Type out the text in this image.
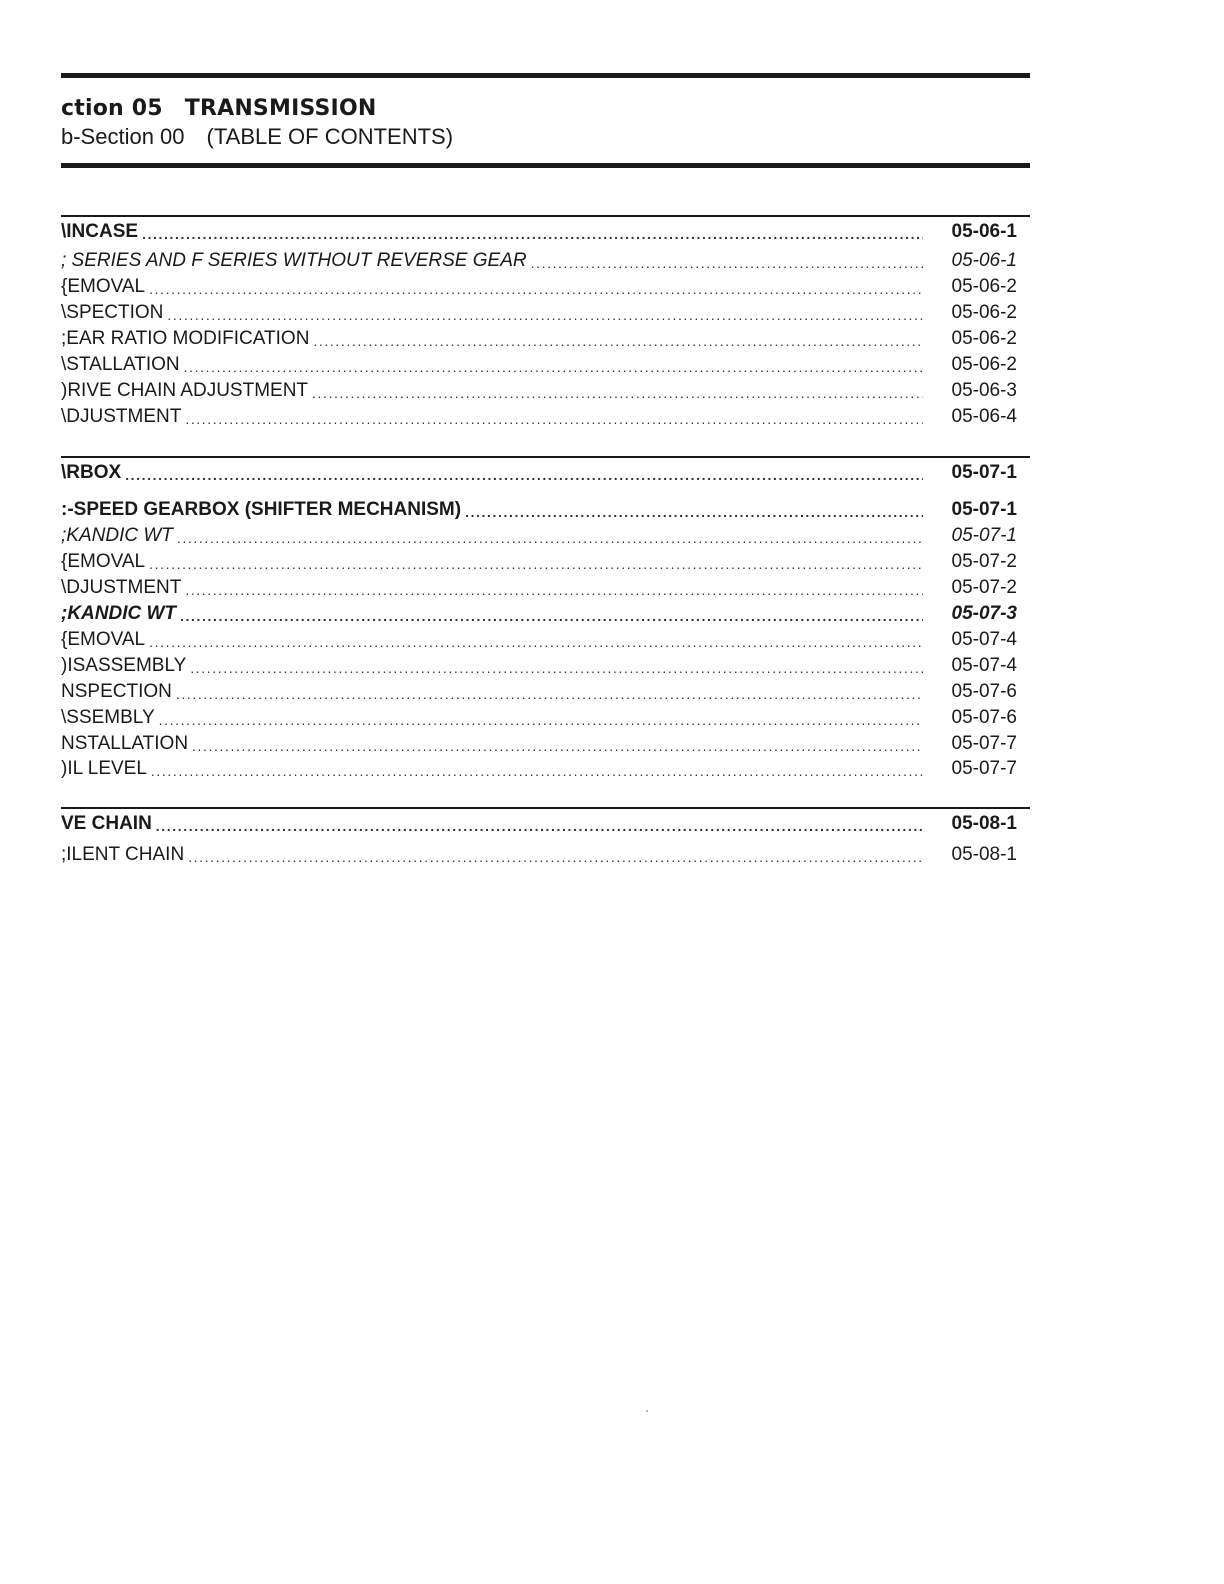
ction 05 TRANSMISSION
b-Section 00 (TABLE OF CONTENTS)
\INCASE .....	05-06-1
; SERIES AND F SERIES WITHOUT REVERSE GEAR .....	05-06-1
{EMOVAL .....	05-06-2
\SPECTION .....	05-06-2
;EAR RATIO MODIFICATION .....	05-06-2
\STALLATION .....	05-06-2
)RIVE CHAIN ADJUSTMENT .....	05-06-3
\DJUSTMENT .....	05-06-4
\RBOX .....	05-07-1
:-SPEED GEARBOX (SHIFTER MECHANISM) .....	05-07-1
;KANDIC WT .....	05-07-1
{EMOVAL .....	05-07-2
\DJUSTMENT .....	05-07-2
;KANDIC WT .....	05-07-3
{EMOVAL .....	05-07-4
)ISASSEMBLY .....	05-07-4
NSPECTION .....	05-07-6
\SSEMBLY .....	05-07-6
NSTALLATION .....	05-07-7
)IL LEVEL .....	05-07-7
VE CHAIN .....	05-08-1
;ILENT CHAIN .....	05-08-1
